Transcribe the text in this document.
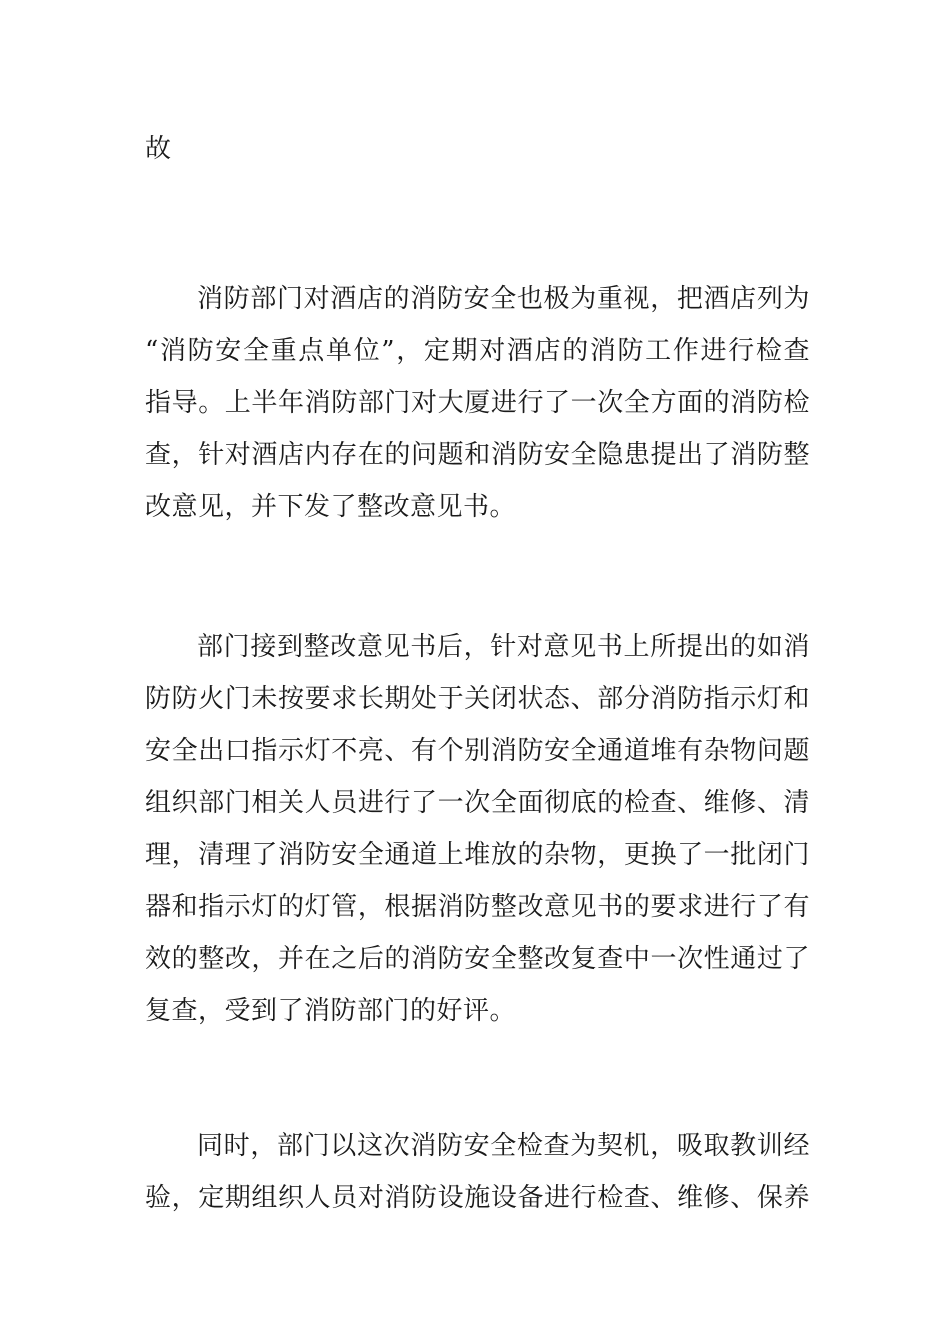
故

消防部门对酒店的消防安全也极为重视，把酒店列为
“消防安全重点单位”，定期对酒店的消防工作进行检查
指导。上半年消防部门对大厦进行了一次全方面的消防检
查，针对酒店内存在的问题和消防安全隐患提出了消防整
改意见，并下发了整改意见书。

部门接到整改意见书后，针对意见书上所提出的如消
防防火门未按要求长期处于关闭状态、部分消防指示灯和
安全出口指示灯不亮、有个别消防安全通道堆有杂物问题
组织部门相关人员进行了一次全面彻底的检查、维修、清
理，清理了消防安全通道上堆放的杂物，更换了一批闭门
器和指示灯的灯管，根据消防整改意见书的要求进行了有
效的整改，并在之后的消防安全整改复查中一次性通过了
复查，受到了消防部门的好评。

同时，部门以这次消防安全检查为契机，吸取教训经
验，定期组织人员对消防设施设备进行检查、维修、保养
